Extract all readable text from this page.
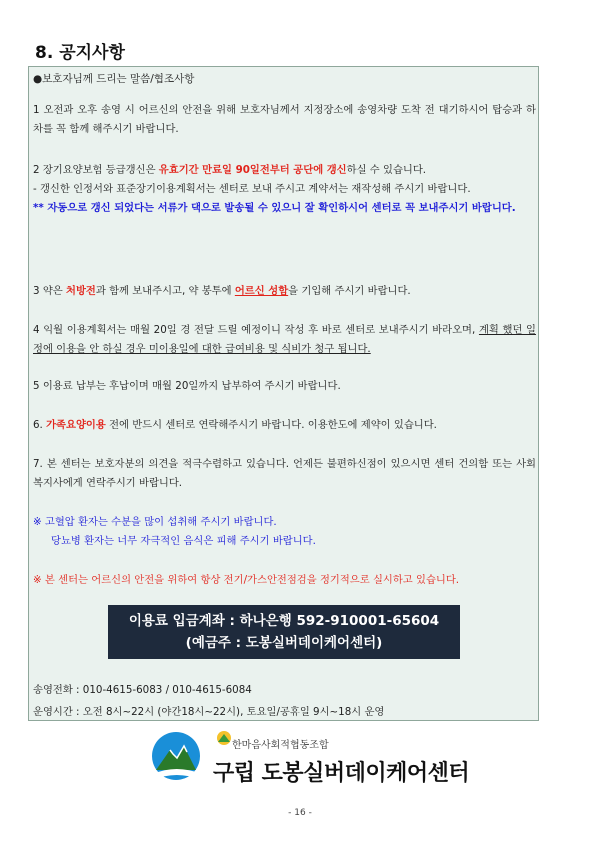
8. 공지사항
●보호자님께 드리는 말씀/협조사항
1 오전과 오후 송영 시 어르신의 안전을 위해 보호자님께서 지정장소에 송영차량 도착 전 대기하시어 탑승과 하차를 꼭 함께 해주시기 바랍니다.
2 장기요양보험 등급갱신은 유효기간 만료일 90일전부터 공단에 갱신하실 수 있습니다.
- 갱신한 인정서와 표준장기이용계획서는 센터로 보내 주시고 계약서는 재작성해 주시기 바랍니다.
** 자동으로 갱신 되었다는 서류가 댁으로 발송될 수 있으니 잘 확인하시어 센터로 꼭 보내주시기 바랍니다.
3 약은 처방전과 함께 보내주시고, 약 봉투에 어르신 성함을 기입해 주시기 바랍니다.
4 익월 이용계획서는 매월 20일 경 전달 드릴 예정이니 작성 후 바로 센터로 보내주시기 바라오며, 계획 했던 일정에 이용을 안 하실 경우 미이용일에 대한 급여비용 및 식비가 청구 됩니다.
5 이용료 납부는 후납이며 매월 20일까지 납부하여 주시기 바랍니다.
6. 가족요양이용 전에 반드시 센터로 연락해주시기 바랍니다. 이용한도에 제약이 있습니다.
7. 본 센터는 보호자분의 의견을 적극수렴하고 있습니다. 언제든 불편하신점이 있으시면 센터 건의함 또는 사회복지사에게 연락주시기 바랍니다.
※ 고혈압 환자는 수분을 많이 섭취해 주시기 바랍니다.
당뇨병 환자는 너무 자극적인 음식은 피해 주시기 바랍니다.
※ 본 센터는 어르신의 안전을 위하여 항상 전기/가스안전점검을 정기적으로 실시하고 있습니다.
이용료 입금계좌 : 하나은행 592-910001-65604
(예금주 : 도봉실버데이케어센터)
송영전화 : 010-4615-6083 / 010-4615-6084
운영시간 : 오전 8시~22시 (야간18시~22시), 토요일/공휴일 9시~18시 운영
한마음사회적협동조합
구립 도봉실버데이케어센터
- 16 -
